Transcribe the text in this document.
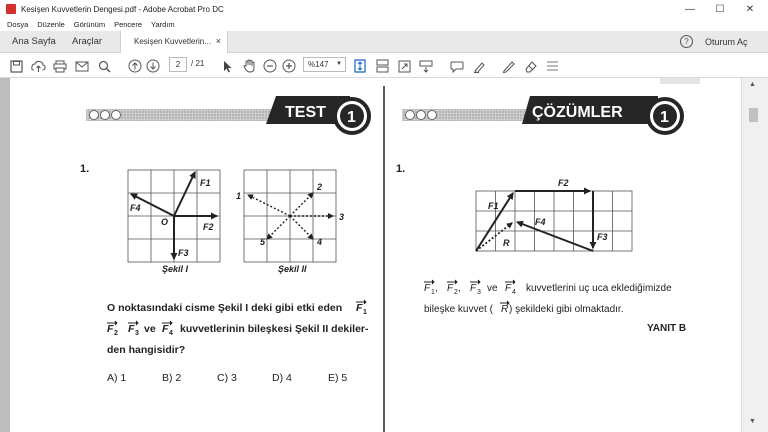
Kesişen Kuvvetlerin Dengesi.pdf - Adobe Acrobat Pro DC	—	☐	✕
Dosya Düzenle Görünüm Pencere Yardım
Ana Sayfa Araçlar	Kesişen Kuvvetlerin... ×	?	Oturum Aç
2	/ 21	%147 ▼
TEST 1
1.
F1
F2
F3
F4
O
Şekil I
1
2
3
4
5
Şekil II
O noktasındaki cisme Şekil I deki gibi etki eden F 1
F 2 F 3 ve F 4 kuvvetlerinin bileşkesi Şekil II dekiler-
den hangisidir?
A) 1	B) 2	C) 3	D) 4	E) 5
ÇÖZÜMLER 1
1.
F1
F2
F3
F4
R
F 1 , F 2 , F 3 ve F 4 kuvvetlerini uç uca eklediğimizde
bileşke kuvvet ( R ) şekildeki gibi olmaktadır.
YANIT B
▲
▼
